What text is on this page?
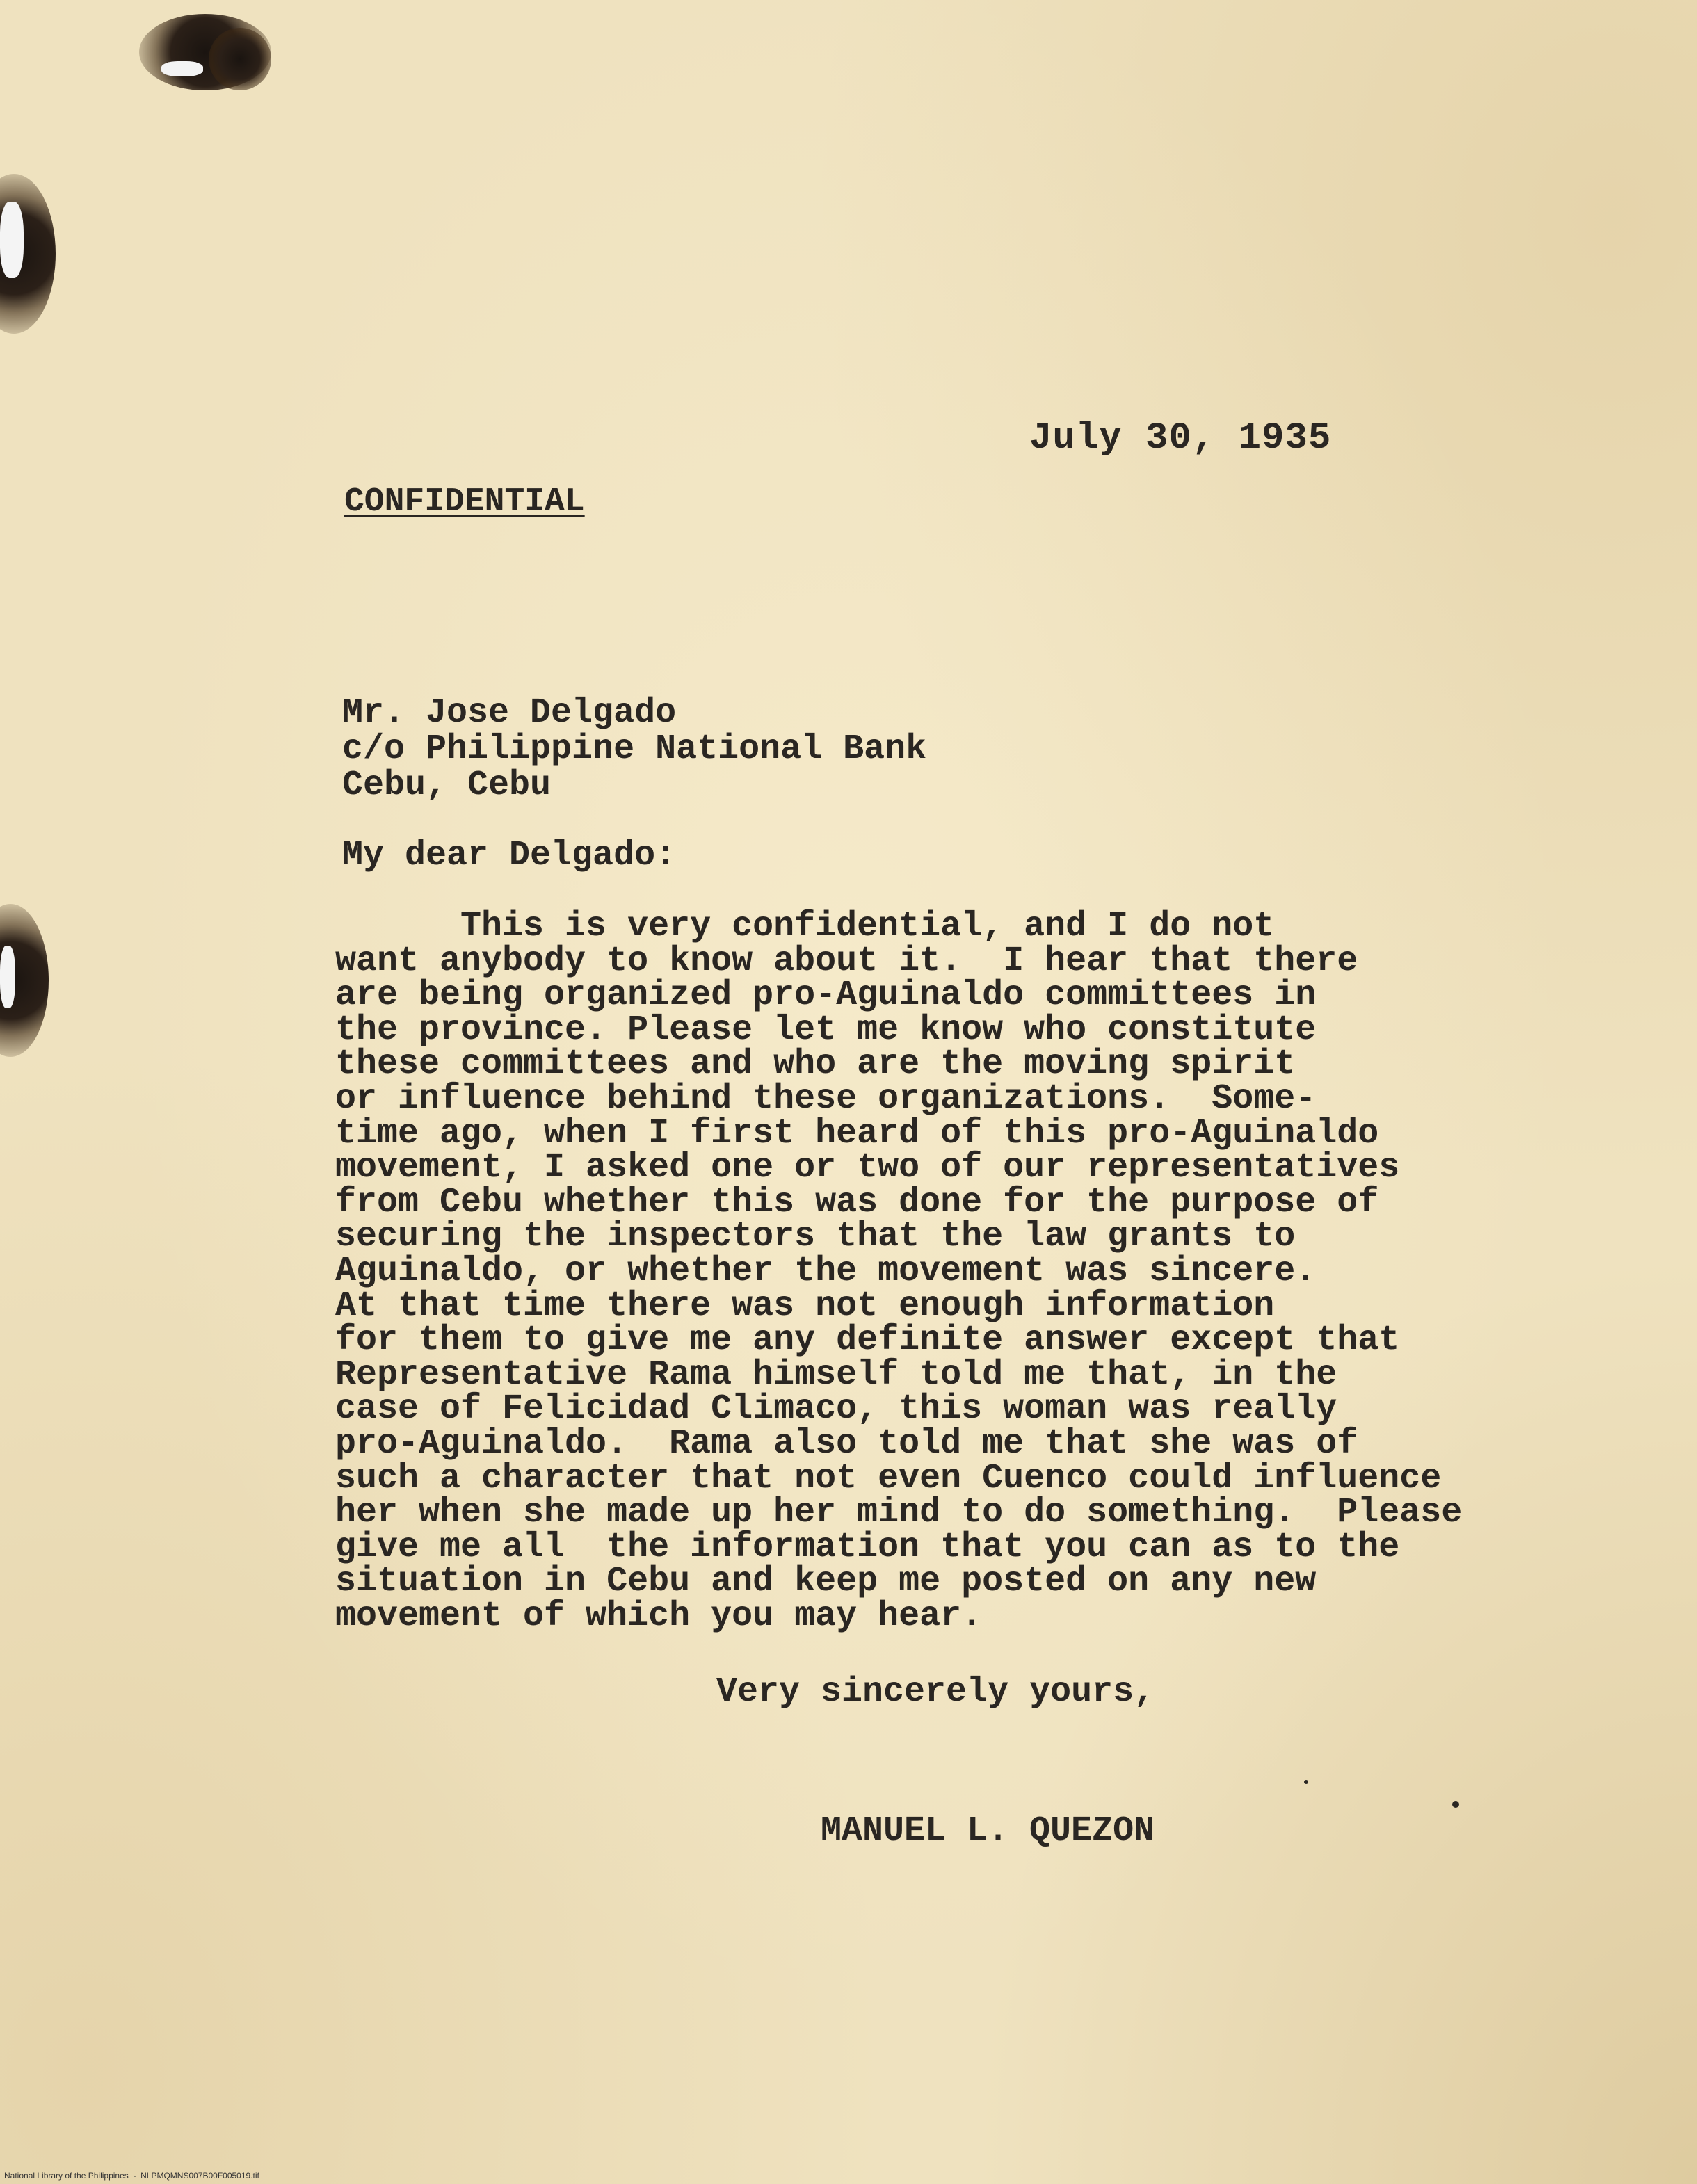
July 30, 1935
CONFIDENTIAL
Mr. Jose Delgado
c/o Philippine National Bank
Cebu, Cebu
My dear Delgado:
This is very confidential, and I do not
want anybody to know about it.  I hear that there
are being organized pro-Aguinaldo committees in
the province. Please let me know who constitute
these committees and who are the moving spirit
or influence behind these organizations.  Some-
time ago, when I first heard of this pro-Aguinaldo
movement, I asked one or two of our representatives
from Cebu whether this was done for the purpose of
securing the inspectors that the law grants to
Aguinaldo, or whether the movement was sincere.
At that time there was not enough information
for them to give me any definite answer except that
Representative Rama himself told me that, in the
case of Felicidad Climaco, this woman was really
pro-Aguinaldo.  Rama also told me that she was of
such a character that not even Cuenco could influence
her when she made up her mind to do something.  Please
give me all  the information that you can as to the
situation in Cebu and keep me posted on any new
movement of which you may hear.
Very sincerely yours,
MANUEL L. QUEZON
National Library of the Philippines  -  NLPMQMNS007B00F005019.tif
